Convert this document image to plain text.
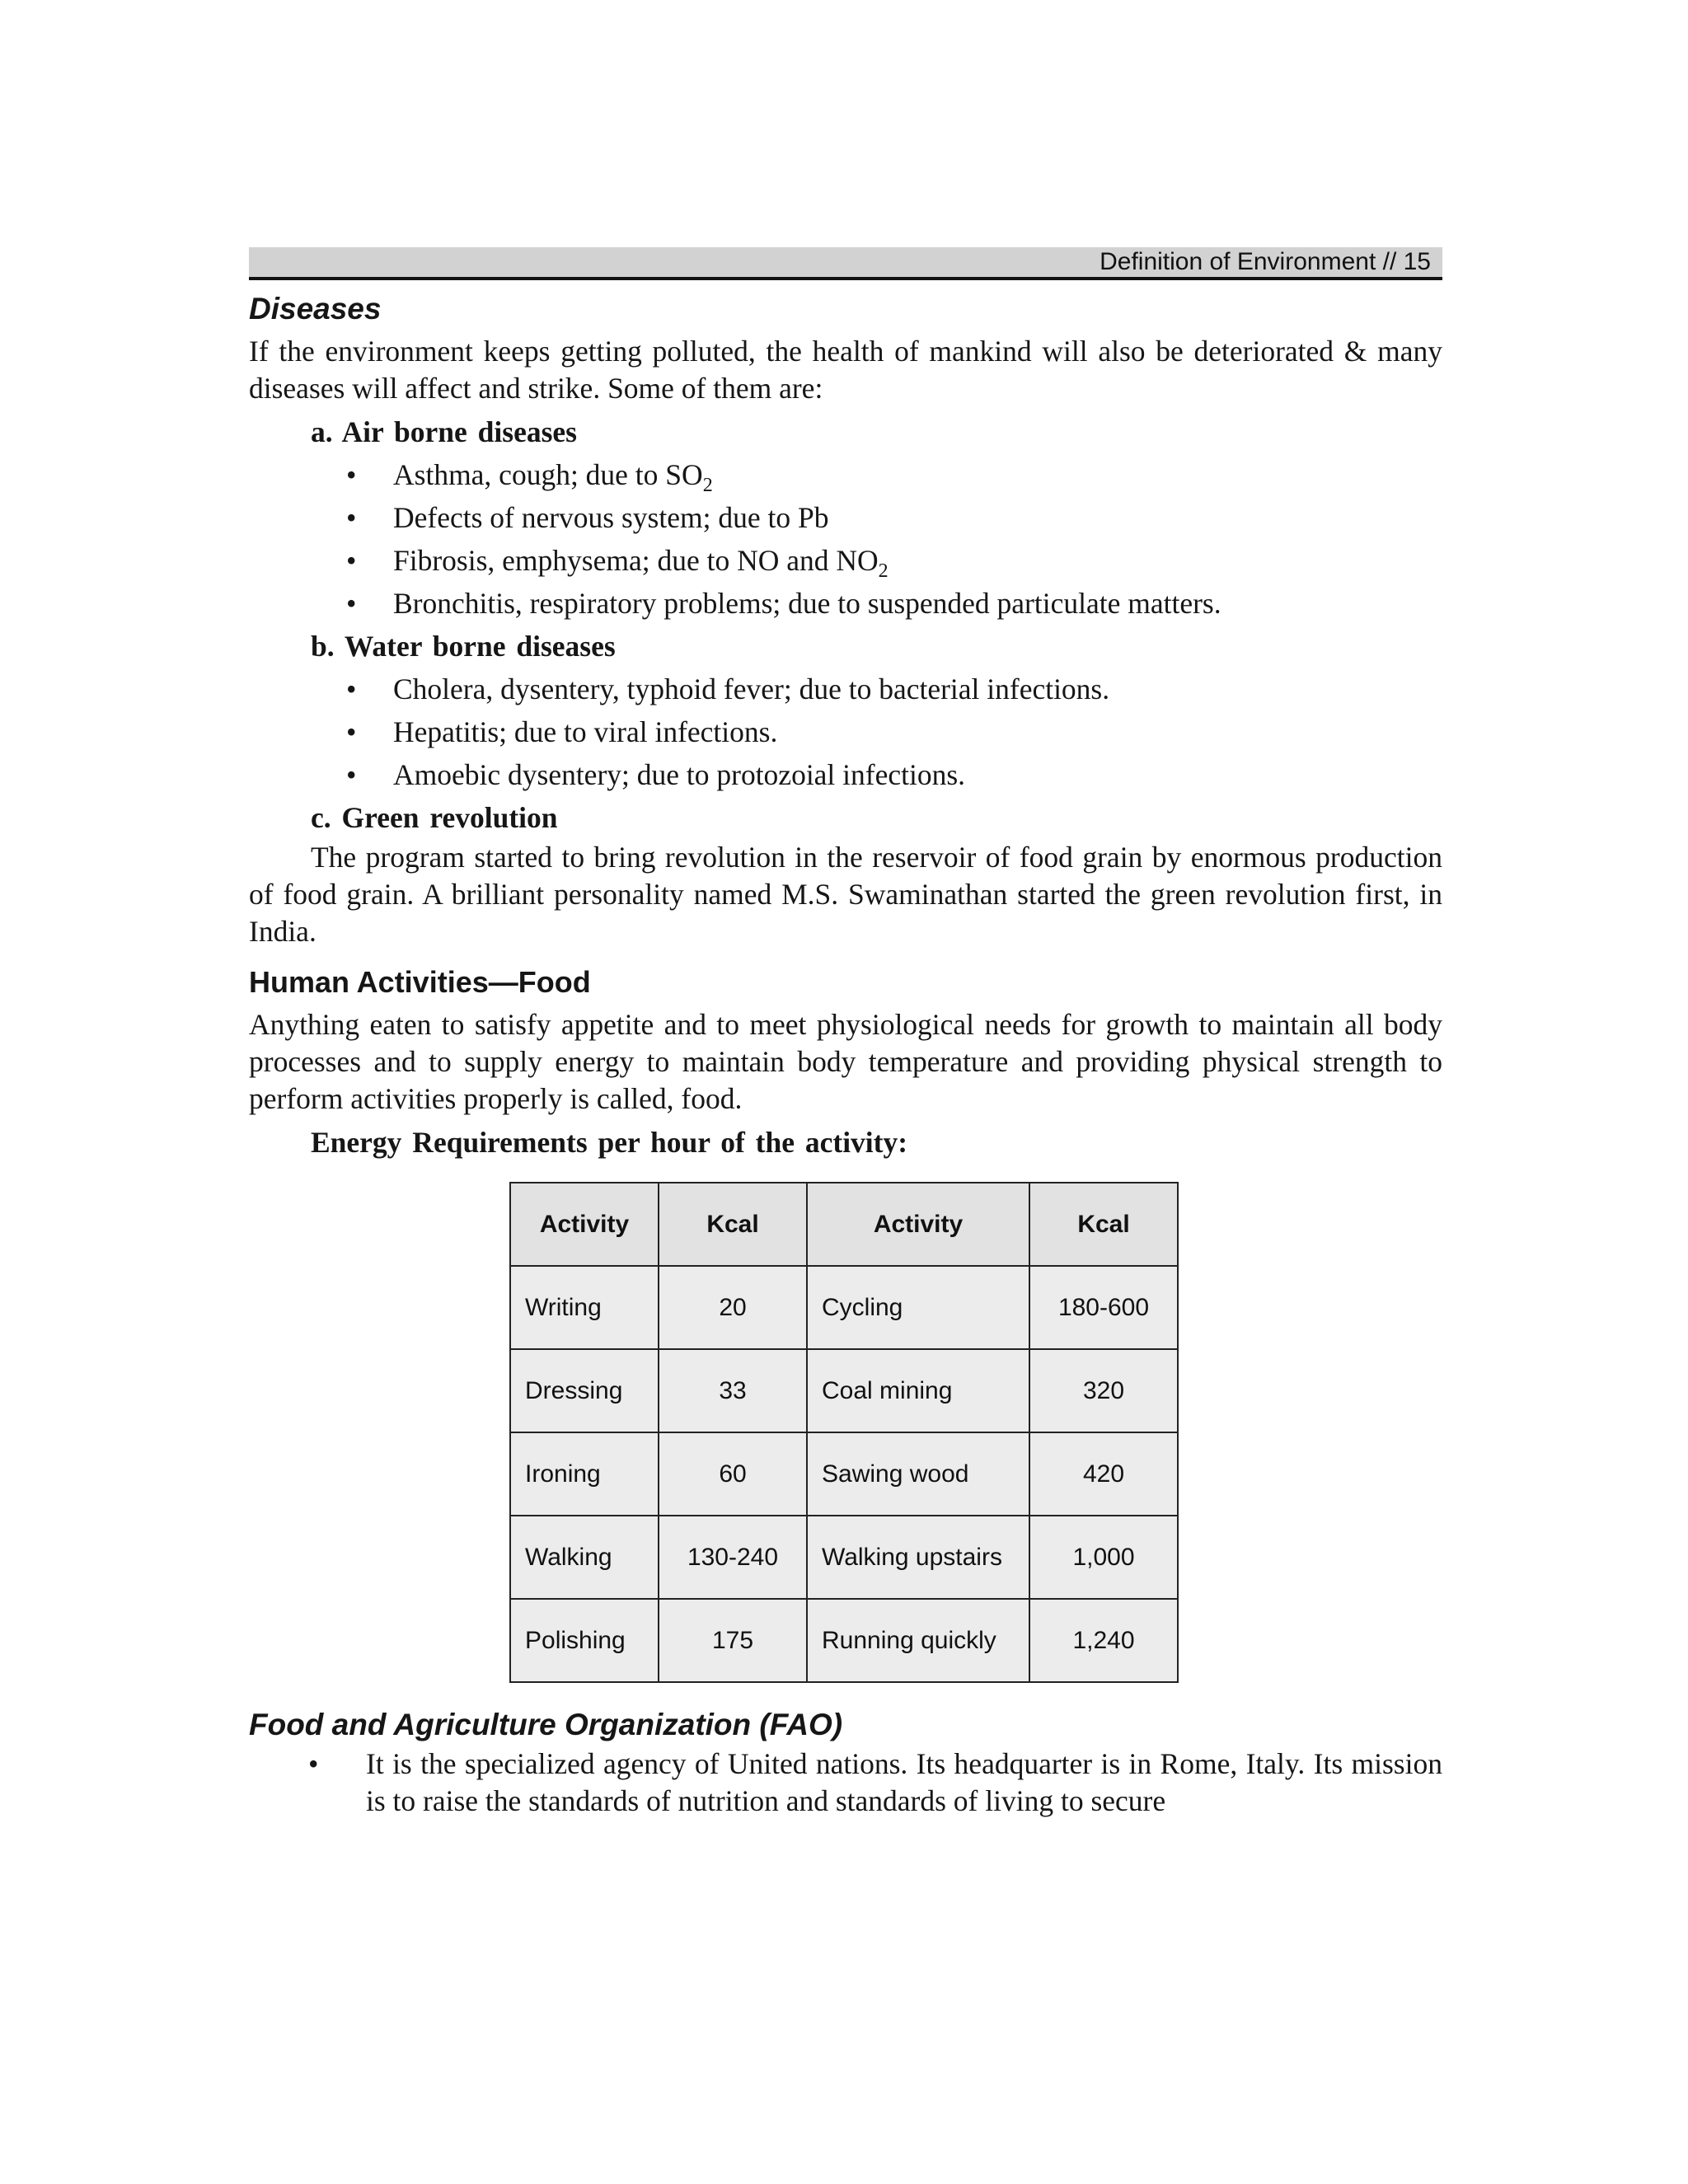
Definition of Environment // 15
Diseases

If the environment keeps getting polluted, the health of mankind will also be deteriorated & many diseases will affect and strike. Some of them are:

a. Air borne diseases
• Asthma, cough; due to $SO_2$
• Defects of nervous system; due to Pb
• Fibrosis, emphysema; due to NO and $NO_2$
• Bronchitis, respiratory problems; due to suspended particulate matters.
b. Water borne diseases
• Cholera, dysentery, typhoid fever; due to bacterial infections.
• Hepatitis; due to viral infections.
• Amoebic dysentery; due to protozoial infections.
c. Green revolution

The program started to bring revolution in the reservoir of food grain by enormous production of food grain. A brilliant personality named M.S. Swaminathan started the green revolution first, in India.

Human Activities—Food

Anything eaten to satisfy appetite and to meet physiological needs for growth to maintain all body processes and to supply energy to maintain body temperature and providing physical strength to perform activities properly is called, food.

Energy Requirements per hour of the activity:
Activity	Kcal	Activity	Kcal
Writing	20	Cycling	180-600
Dressing	33	Coal mining	320
Ironing	60	Sawing wood	420
Walking	130-240	Walking upstairs	1,000
Polishing	175	Running quickly	1,240
Food and Agriculture Organization (FAO)
• It is the specialized agency of United nations. Its headquarter is in Rome, Italy. Its mission is to raise the standards of nutrition and standards of living to secure
